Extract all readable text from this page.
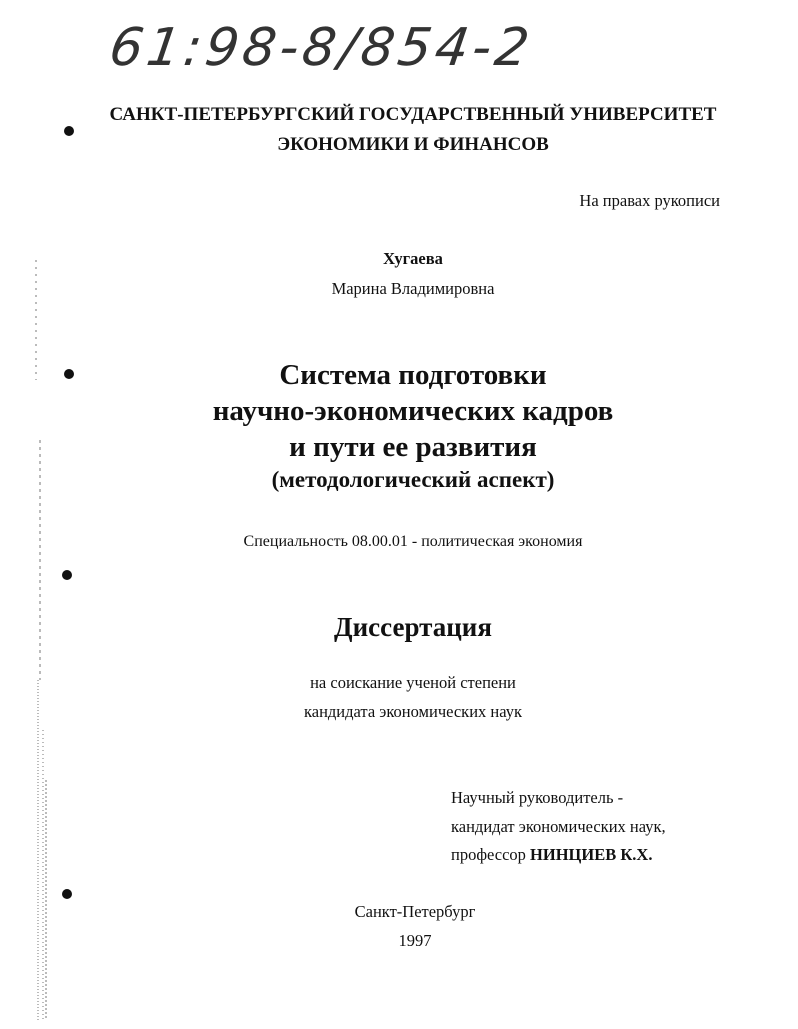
61:98-8/854-2
САНКТ-ПЕТЕРБУРГСКИЙ ГОСУДАРСТВЕННЫЙ УНИВЕРСИТЕТ
ЭКОНОМИКИ И ФИНАНСОВ
На правах рукописи
Хугаева
Марина Владимировна
Система подготовки
научно-экономических кадров
и пути ее развития
(методологический аспект)
Специальность 08.00.01 - политическая экономия
Диссертация
на соискание ученой степени
кандидата экономических наук
Научный руководитель -
кандидат экономических наук,
профессор НИНЦИЕВ К.Х.
Санкт-Петербург
1997
